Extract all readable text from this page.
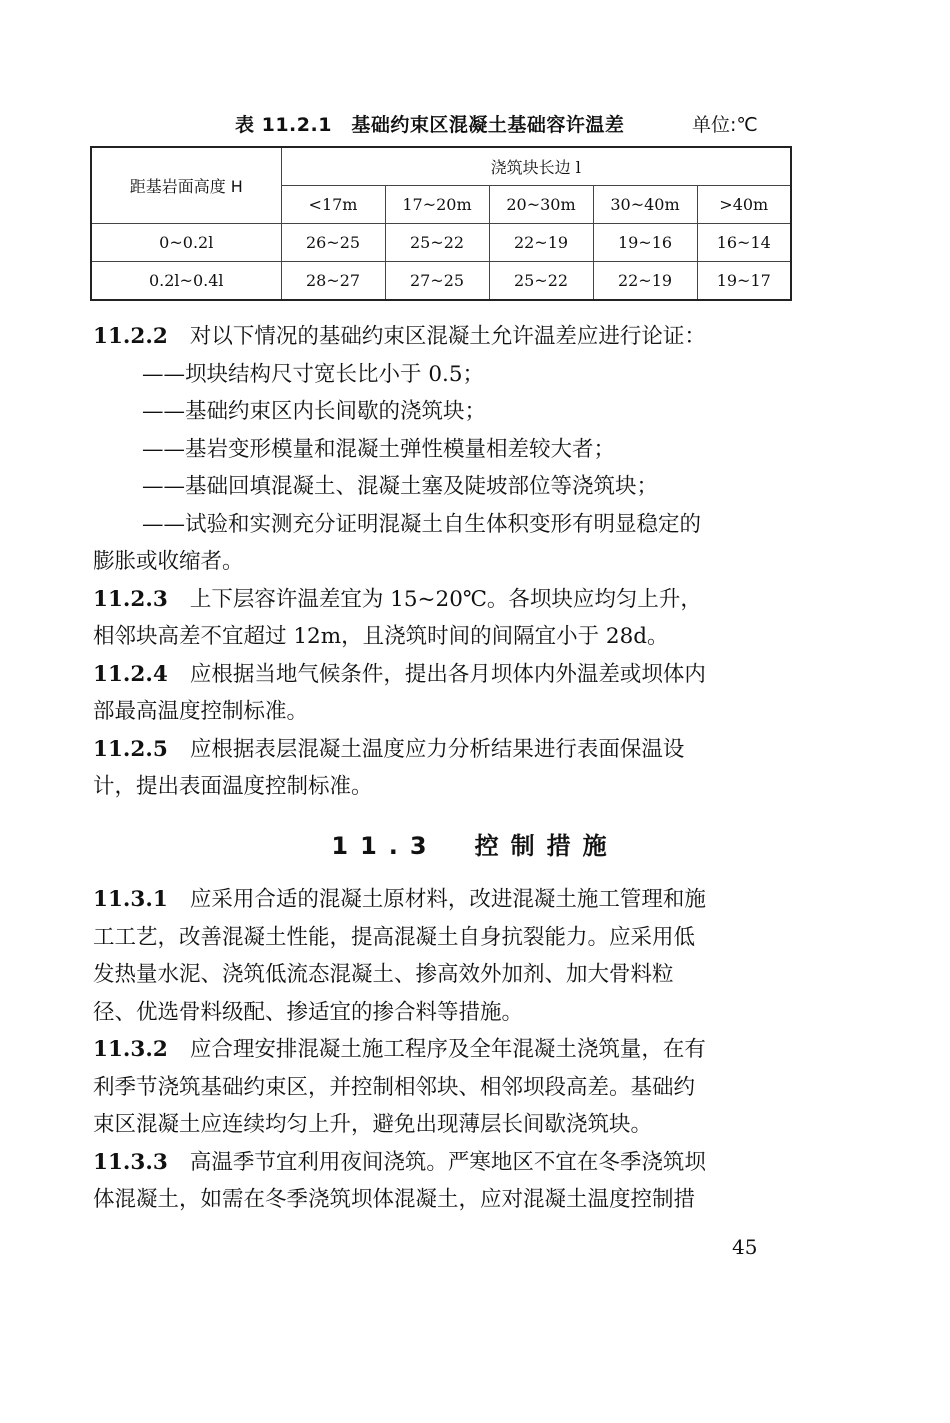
表 11.2.1　基础约束区混凝土基础容许温差	单位:℃
距基岩面高度 H	浇筑块长边 l				
	<17m	17~20m	20~30m	30~40m	>40m
0~0.2l	26~25	25~22	22~19	19~16	16~14
0.2l~0.4l	28~27	27~25	25~22	22~19	19~17

11.2.2 对以下情况的基础约束区混凝土允许温差应进行论证：

——坝块结构尺寸宽长比小于 0.5；

——基础约束区内长间歇的浇筑块；

——基岩变形模量和混凝土弹性模量相差较大者；

——基础回填混凝土、混凝土塞及陡坡部位等浇筑块；

——试验和实测充分证明混凝土自生体积变形有明显稳定的

膨胀或收缩者。

11.2.3 上下层容许温差宜为 15~20℃。各坝块应均匀上升，

相邻块高差不宜超过 12m，且浇筑时间的间隔宜小于 28d。

11.2.4 应根据当地气候条件，提出各月坝体内外温差或坝体内

部最高温度控制标准。

11.2.5 应根据表层混凝土温度应力分析结果进行表面保温设

计，提出表面温度控制标准。

11.3　控制措施

11.3.1 应采用合适的混凝土原材料，改进混凝土施工管理和施

工工艺，改善混凝土性能，提高混凝土自身抗裂能力。应采用低

发热量水泥、浇筑低流态混凝土、掺高效外加剂、加大骨料粒

径、优选骨料级配、掺适宜的掺合料等措施。

11.3.2 应合理安排混凝土施工程序及全年混凝土浇筑量，在有

利季节浇筑基础约束区，并控制相邻块、相邻坝段高差。基础约

束区混凝土应连续均匀上升，避免出现薄层长间歇浇筑块。

11.3.3 高温季节宜利用夜间浇筑。严寒地区不宜在冬季浇筑坝

体混凝土，如需在冬季浇筑坝体混凝土，应对混凝土温度控制措

45
